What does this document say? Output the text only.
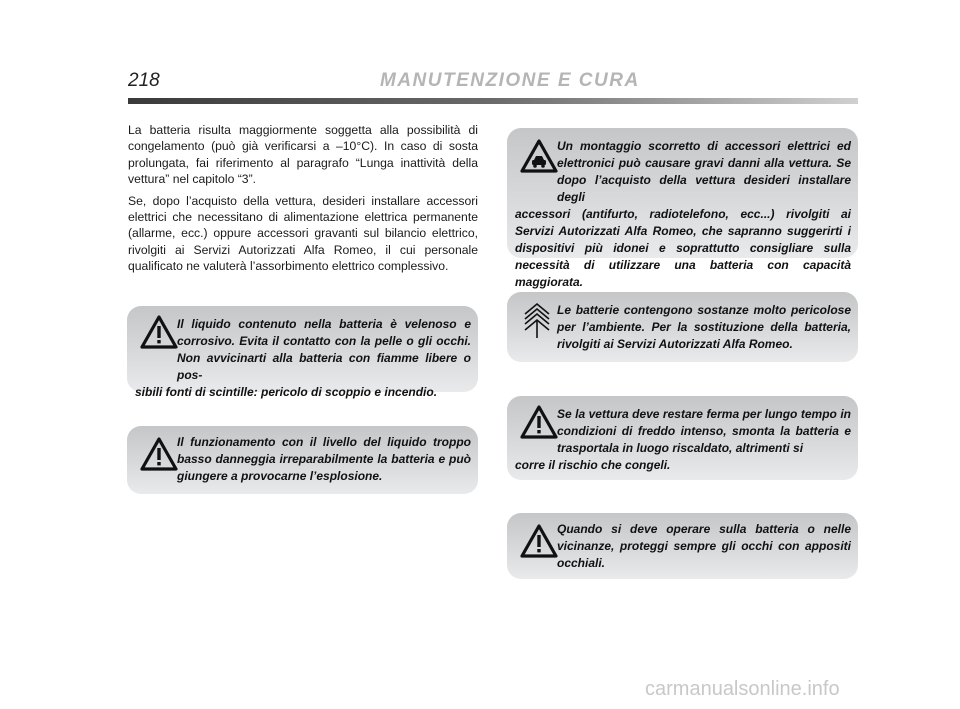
218	MANUTENZIONE E CURA

La batteria risulta maggiormente soggetta alla possibilità di congelamento (può già verificarsi a –10°C). In caso di sosta prolungata, fai riferimento al paragrafo “Lunga inattività della vettura” nel capitolo “3”.

Se, dopo l’acquisto della vettura, desideri installare accessori elettrici che necessitano di alimentazione elettrica permanente (allarme, ecc.) oppure accessori gravanti sul bilancio elettrico, rivolgiti ai Servizi Autorizzati Alfa Romeo, il cui personale qualificato ne valuterà l’assorbimento elettrico complessivo.

Un montaggio scorretto di accessori elettrici ed elettronici può causare gravi danni alla vettura. Se dopo l’acquisto della vettura desideri installare degli
accessori (antifurto, radiotelefono, ecc...) rivolgiti ai Servizi Autorizzati Alfa Romeo, che sapranno suggerirti i dispositivi più idonei e soprattutto consigliare sulla necessità di utilizzare una batteria con capacità maggiorata.
Il liquido contenuto nella batteria è velenoso e corrosivo. Evita il contatto con la pelle o gli occhi. Non avvicinarti alla batteria con fiamme libere o pos-
sibili fonti di scintille: pericolo di scoppio e incendio.
Le batterie contengono sostanze molto pericolose per l’ambiente. Per la sostituzione della batteria, rivolgiti ai Servizi Autorizzati Alfa Romeo.
Se la vettura deve restare ferma per lungo tempo in condizioni di freddo intenso, smonta la batteria e trasportala in luogo riscaldato, altrimenti si
corre il rischio che congeli.
Il funzionamento con il livello del liquido troppo basso danneggia irreparabilmente la batteria e può giungere a provocarne l’esplosione.
Quando si deve operare sulla batteria o nelle vicinanze, proteggi sempre gli occhi con appositi occhiali.
carmanualsonline.info
